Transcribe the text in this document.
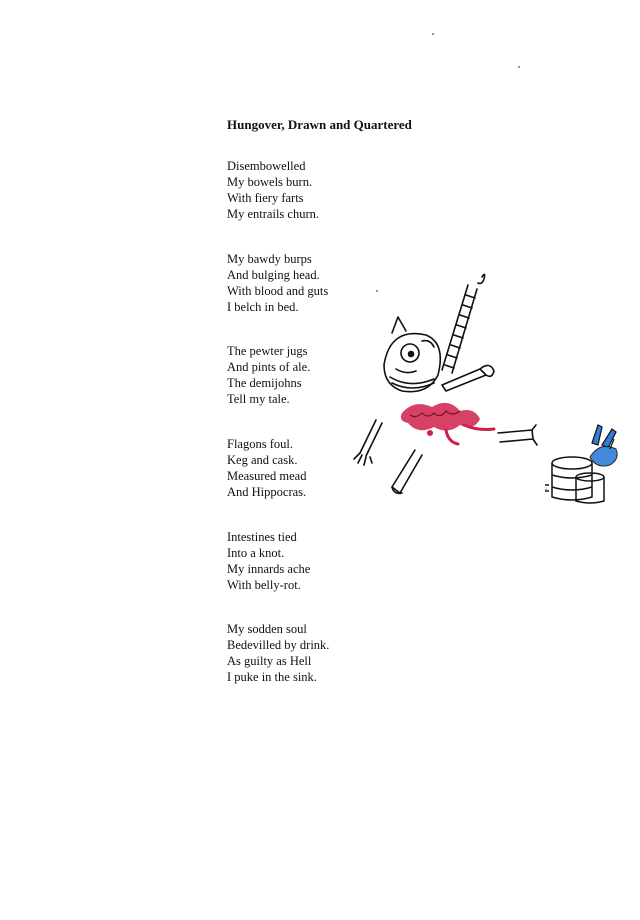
Hungover, Drawn and Quartered
Disembowelled
My bowels burn.
With fiery farts
My entrails churn.
My bawdy burps
And bulging head.
With blood and guts
I belch in bed.
The pewter jugs
And pints of ale.
The demijohns
Tell my tale.
Flagons foul.
Keg and cask.
Measured mead
And Hippocras.
Intestines tied
Into a knot.
My innards ache
With belly-rot.
My sodden soul
Bedevilled by drink.
As guilty as Hell
I puke in the sink.
